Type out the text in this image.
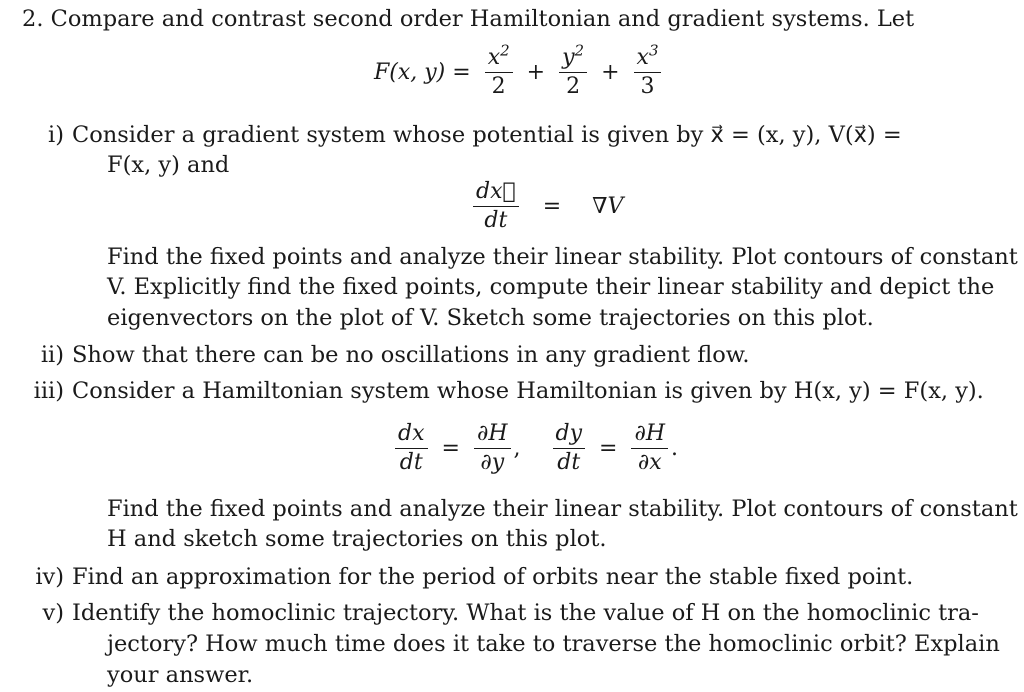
2. Compare and contrast second order Hamiltonian and gradient systems. Let
F(x, $y) = \frac{x^2}{2} + \frac{y^2}{2} + \frac{x^3}{3}$
i) Consider a gradient system whose potential is given by x⃗ = (x, y), V(x⃗) =
F(x, y) and
$\frac{dx⃗}{dt} = \nabla V$
Find the fixed points and analyze their linear stability. Plot contours of constant
V. Explicitly find the fixed points, compute their linear stability and depict the
eigenvectors on the plot of V. Sketch some trajectories on this plot.
ii) Show that there can be no oscillations in any gradient flow.
iii) Consider a Hamiltonian system whose Hamiltonian is given by H(x, y) = F(x, y).
$\frac{dx}{dt} = \frac{\partial H}{\partial y}$ , $\frac{dy}{dt} = \frac{\partial H}{\partial x}$ .
Find the fixed points and analyze their linear stability. Plot contours of constant
H and sketch some trajectories on this plot.
iv) Find an approximation for the period of orbits near the stable fixed point.
v) Identify the homoclinic trajectory. What is the value of H on the homoclinic tra-
jectory? How much time does it take to traverse the homoclinic orbit? Explain
your answer.
